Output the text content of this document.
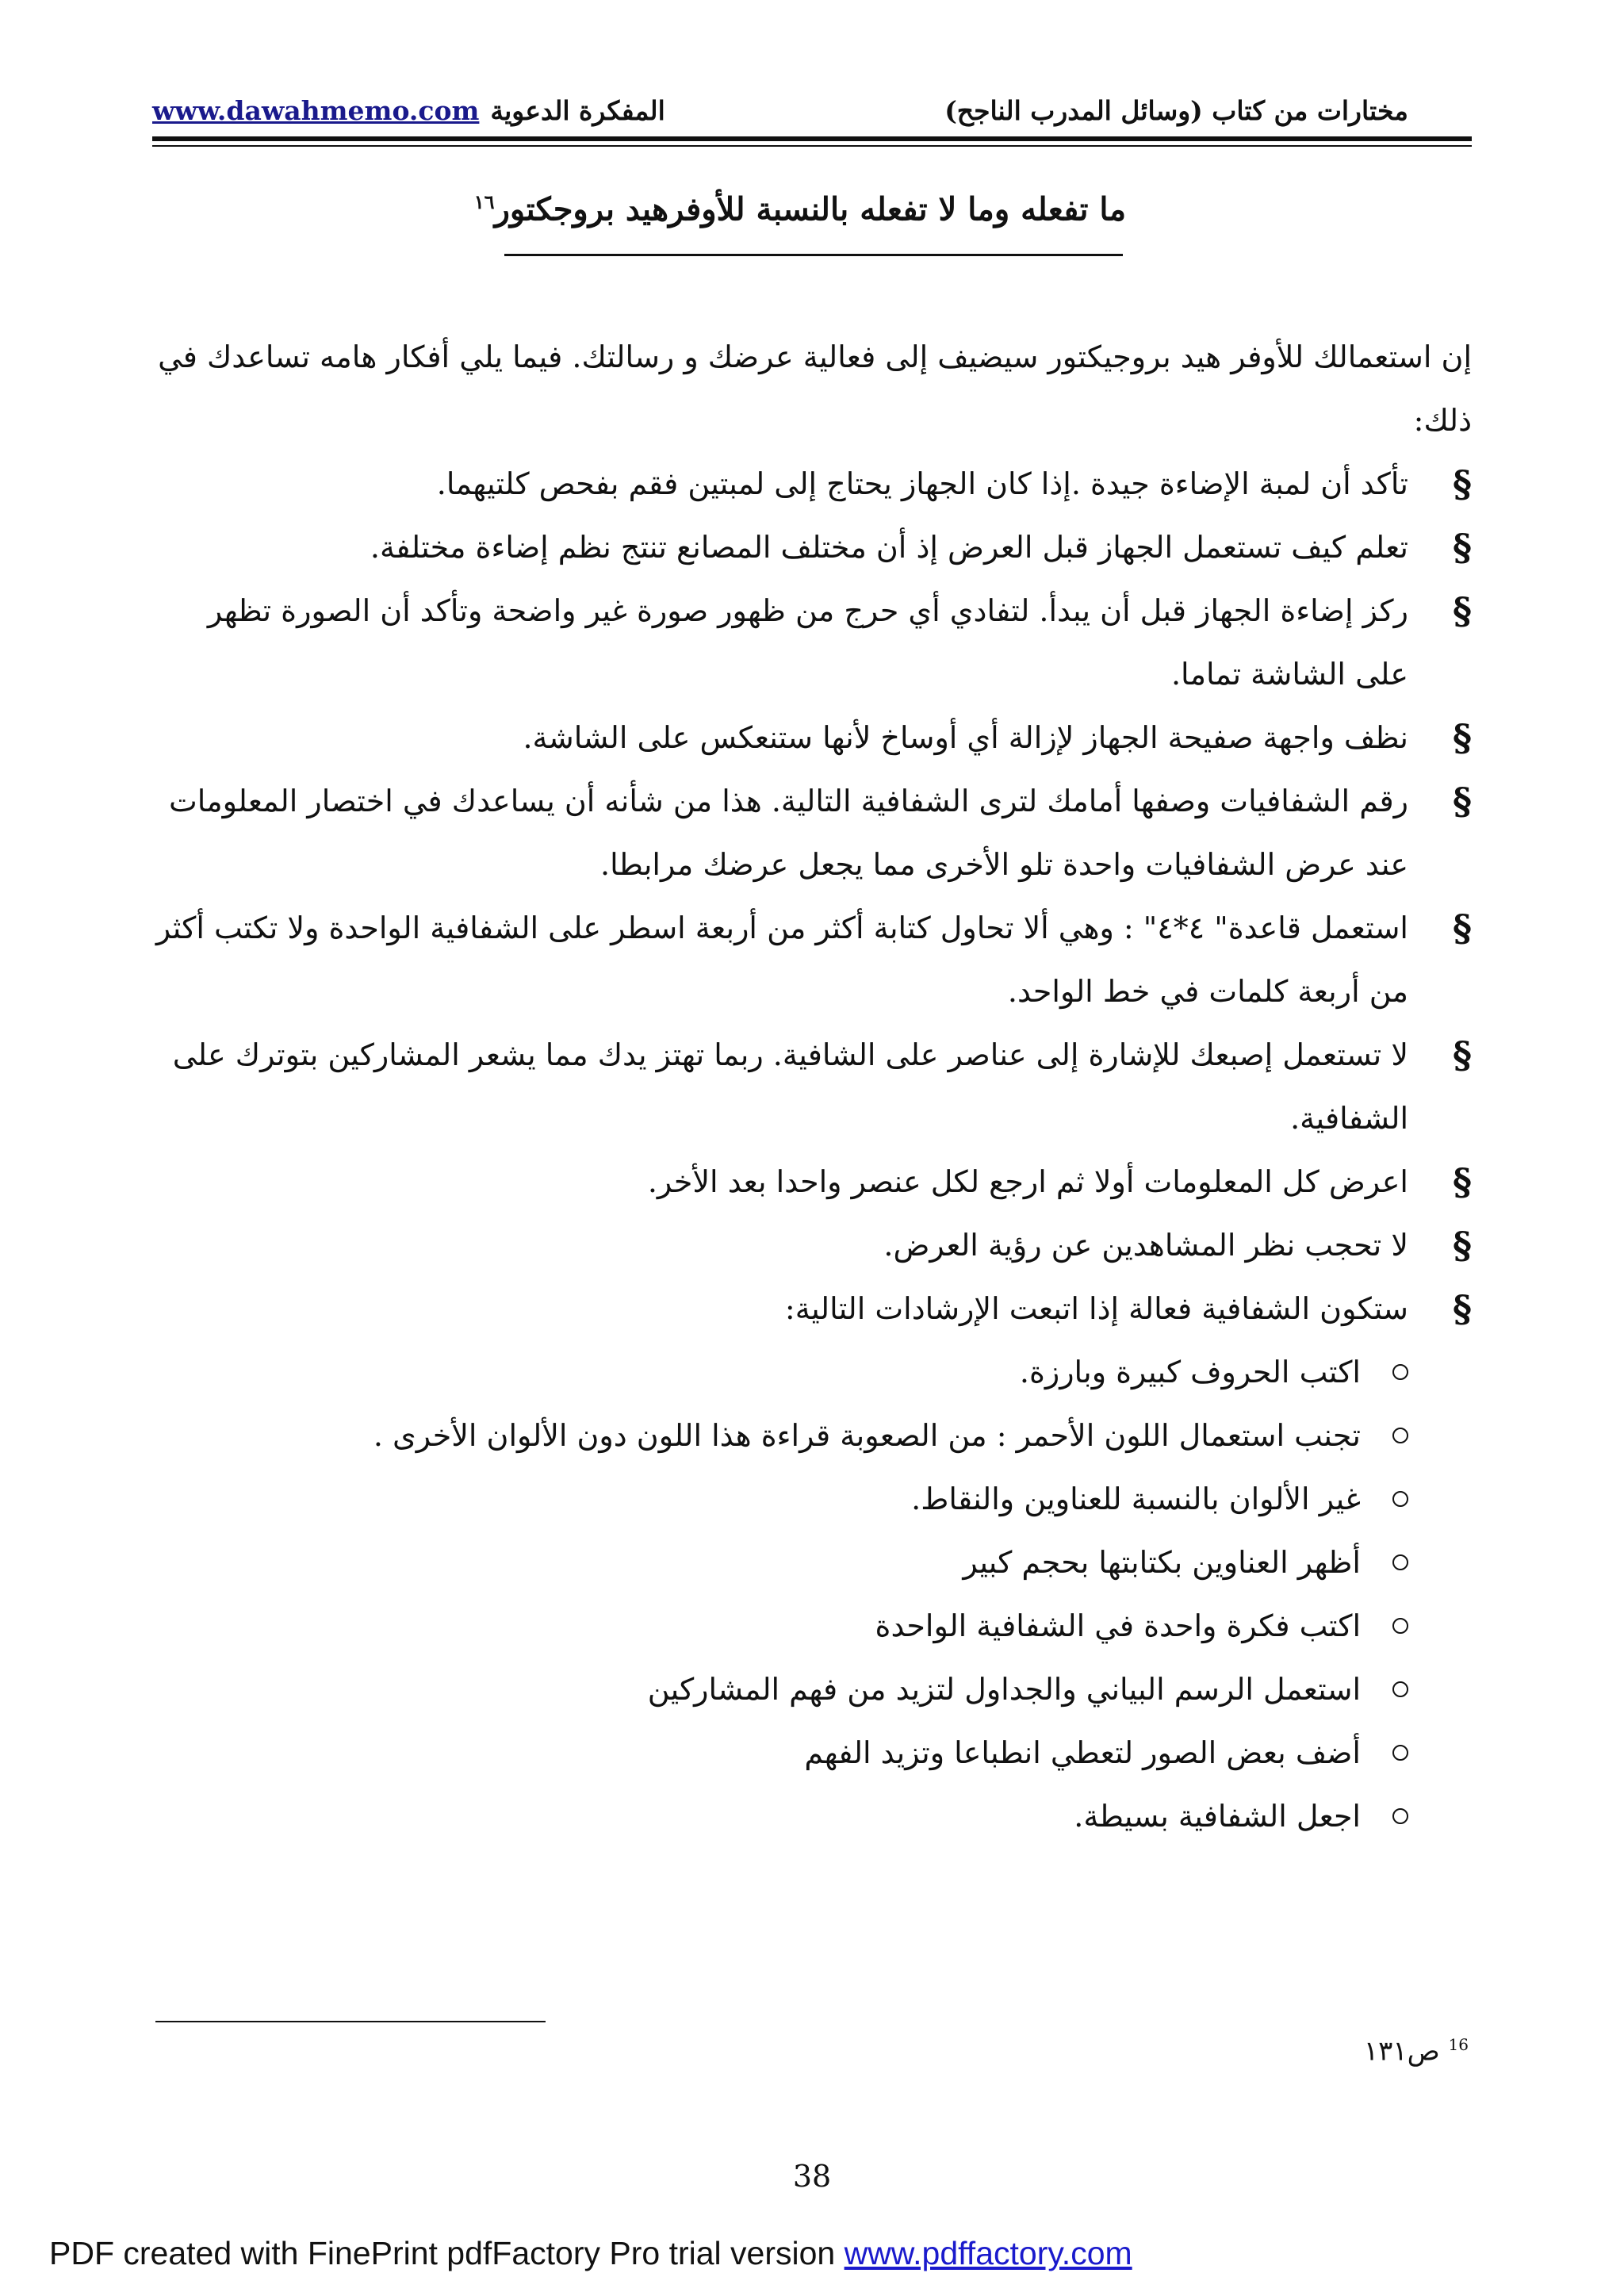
www.dawahmemo.com المفكرة الدعوية	مختارات من كتاب (وسائل المدرب الناجح)
ما تفعله وما لا تفعله بالنسبة للأوفرهيد بروجكتور$^{١٦}$

إن استعمالك للأوفر هيد بروجيكتور سيضيف إلى فعالية عرضك و رسالتك. فيما يلي أفكار هامه تساعدك في ذلك:

§
تأكد أن لمبة الإضاءة جيدة .إذا كان الجهاز يحتاج إلى لمبتين فقم بفحص كلتيهما.
§
تعلم كيف تستعمل الجهاز قبل العرض إذ أن مختلف المصانع تنتج نظم إضاءة مختلفة.
§
ركز إضاءة الجهاز قبل أن يبدأ. لتفادي أي حرج من ظهور صورة غير واضحة وتأكد أن الصورة تظهر على الشاشة تماما.
§
نظف واجهة صفيحة الجهاز لإزالة أي أوساخ لأنها ستنعكس على الشاشة.
§
رقم الشفافيات وصفها أمامك لترى الشفافية التالية. هذا من شأنه أن يساعدك في اختصار المعلومات عند عرض الشفافيات واحدة تلو الأخرى مما يجعل عرضك مرابطا.
§
استعمل قاعدة" ٤*٤" : وهي ألا تحاول كتابة أكثر من أربعة اسطر على الشفافية الواحدة ولا تكتب أكثر من أربعة كلمات في خط الواحد.
§
لا تستعمل إصبعك للإشارة إلى عناصر على الشافية. ربما تهتز يدك مما يشعر المشاركين بتوترك على الشفافية.
§
اعرض كل المعلومات أولا ثم ارجع لكل عنصر واحدا بعد الأخر.
§
لا تحجب نظر المشاهدين عن رؤية العرض.
§
ستكون الشفافية فعالة إذا اتبعت الإرشادات التالية:
اكتب الحروف كبيرة وبارزة.
تجنب استعمال اللون الأحمر : من الصعوبة قراءة هذا اللون دون الألوان الأخرى .
غير الألوان بالنسبة للعناوين والنقاط.
أظهر العناوين بكتابتها بحجم كبير
اكتب فكرة واحدة في الشفافية الواحدة
استعمل الرسم البياني والجداول لتزيد من فهم المشاركين
أضف بعض الصور لتعطي انطباعا وتزيد الفهم
اجعل الشفافية بسيطة.
$^{16}$ ص١٣١
38
PDF created with FinePrint pdfFactory Pro trial version www.pdffactory.com
